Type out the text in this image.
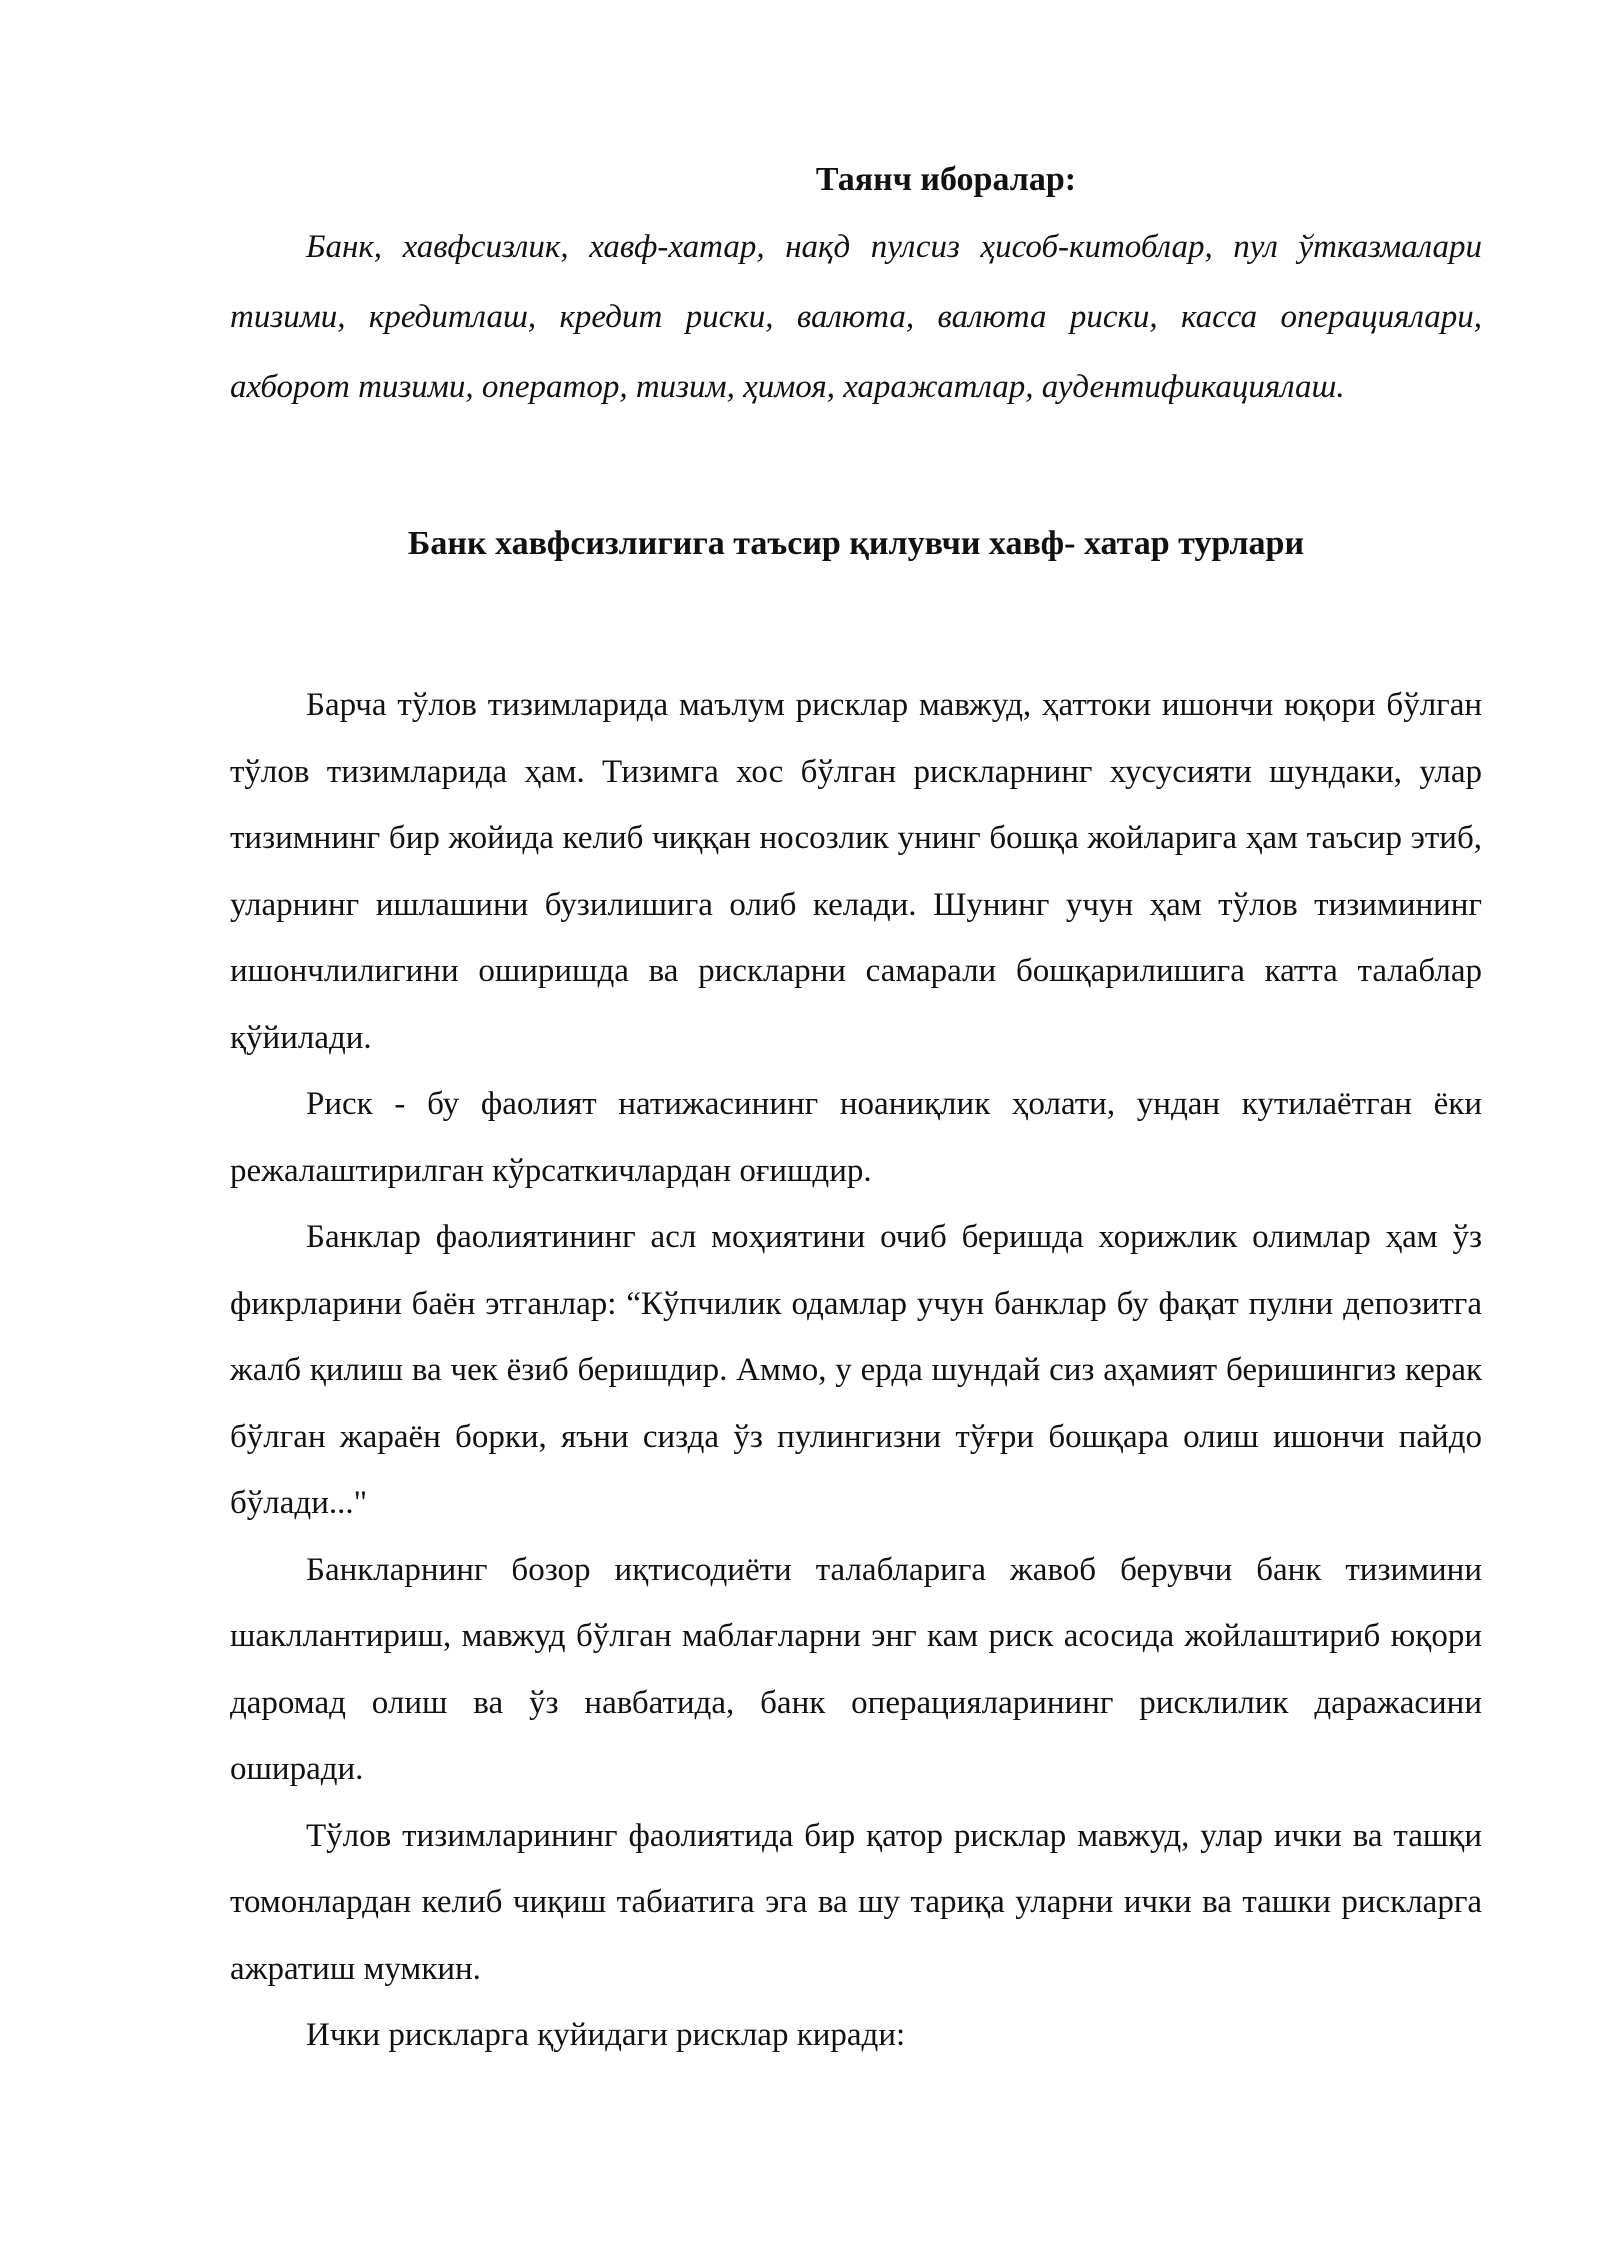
Таянч иборалар:

Банк, хавфсизлик, хавф-хатар, нақд пулсиз ҳисоб-китоблар, пул ўтказмалари тизими, кредитлаш, кредит риски, валюта, валюта риски, касса операциялари, ахборот тизими, оператор, тизим, ҳимоя, харажатлар, аудентификациялаш.

Банк хавфсизлигига таъсир қилувчи хавф- хатар турлари

Барча тўлов тизимларида маълум рисклар мавжуд, ҳаттоки ишончи юқори бўлган тўлов тизимларида ҳам. Тизимга хос бўлган рискларнинг хусусияти шундаки, улар тизимнинг бир жойида келиб чиққан носозлик унинг бошқа жойларига ҳам таъсир этиб, уларнинг ишлашини бузилишига олиб келади. Шунинг учун ҳам тўлов тизимининг ишончлилигини оширишда ва рискларни самарали бошқарилишига катта талаблар қўйилади.

Риск - бу фаолият натижасининг ноаниқлик ҳолати, ундан кутилаётган ёки режалаштирилган кўрсаткичлардан оғишдир.

Банклар фаолиятининг асл моҳиятини очиб беришда хорижлик олимлар ҳам ўз фикрларини баён этганлар: “Кўпчилик одамлар учун банклар бу фақат пулни депозитга жалб қилиш ва чек ёзиб беришдир. Аммо, у ерда шундай сиз аҳамият беришингиз керак бўлган жараён борки, яъни сизда ўз пулингизни тўғри бошқара олиш ишончи пайдо бўлади..."

Банкларнинг бозор иқтисодиёти талабларига жавоб берувчи банк тизимини шакллантириш, мавжуд бўлган маблағларни энг кам риск асосида жойлаштириб юқори даромад олиш ва ўз навбатида, банк операцияларининг рисклилик даражасини оширади.

Тўлов тизимларининг фаолиятида бир қатор рисклар мавжуд, улар ички ва ташқи томонлардан келиб чиқиш табиатига эга ва шу тариқа уларни ички ва ташки рискларга ажратиш мумкин.

Ички рискларга қуйидаги рисклар киради:
